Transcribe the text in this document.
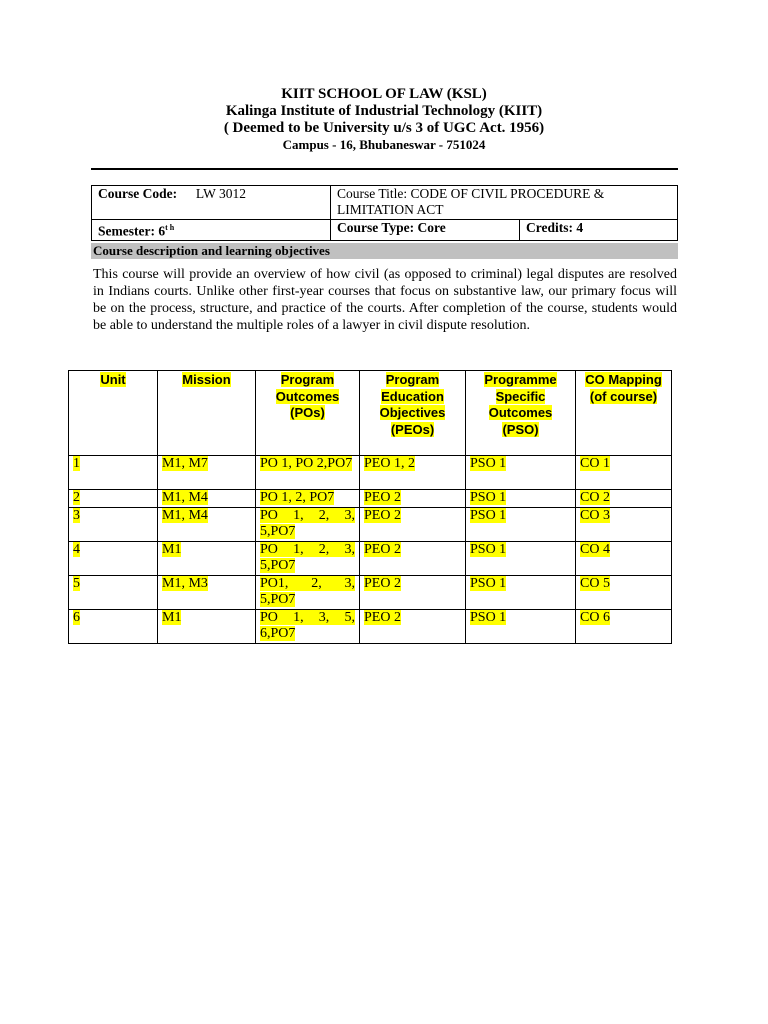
KIIT SCHOOL OF LAW (KSL)
Kalinga Institute of Industrial Technology (KIIT)
( Deemed to be University u/s 3 of UGC Act. 1956)
Campus - 16, Bhubaneswar - 751024
Course Code: LW 3012	Course Title: CODE OF CIVIL PROCEDURE & LIMITATION ACT	
Semester: $6^{t h}$	Course Type: Core	Credits: 4
Course description and learning objectives
This course will provide an overview of how civil (as opposed to criminal) legal disputes are resolved in Indians courts. Unlike other first-year courses that focus on substantive law, our primary focus will be on the process, structure, and practice of the courts. After completion of the course, students would be able to understand the multiple roles of a lawyer in civil dispute resolution.
Unit	Mission	Program Outcomes (POs)	Program Education Objectives (PEOs)	Programme Specific Outcomes (PSO)	CO Mapping (of course)
1	M1, M7	PO 1, PO 2,PO7	PEO 1, 2	PSO 1	CO 1
2	M1, M4	PO 1, 2, PO7	PEO 2	PSO 1	CO 2
3	M1, M4	PO 1, 2, 3, 5,PO7	PEO 2	PSO 1	CO 3
4	M1	PO 1, 2, 3, 5,PO7	PEO 2	PSO 1	CO 4
5	M1, M3	PO1, 2, 3, 5,PO7	PEO 2	PSO 1	CO 5
6	M1	PO 1, 3, 5, 6,PO7	PEO 2	PSO 1	CO 6
